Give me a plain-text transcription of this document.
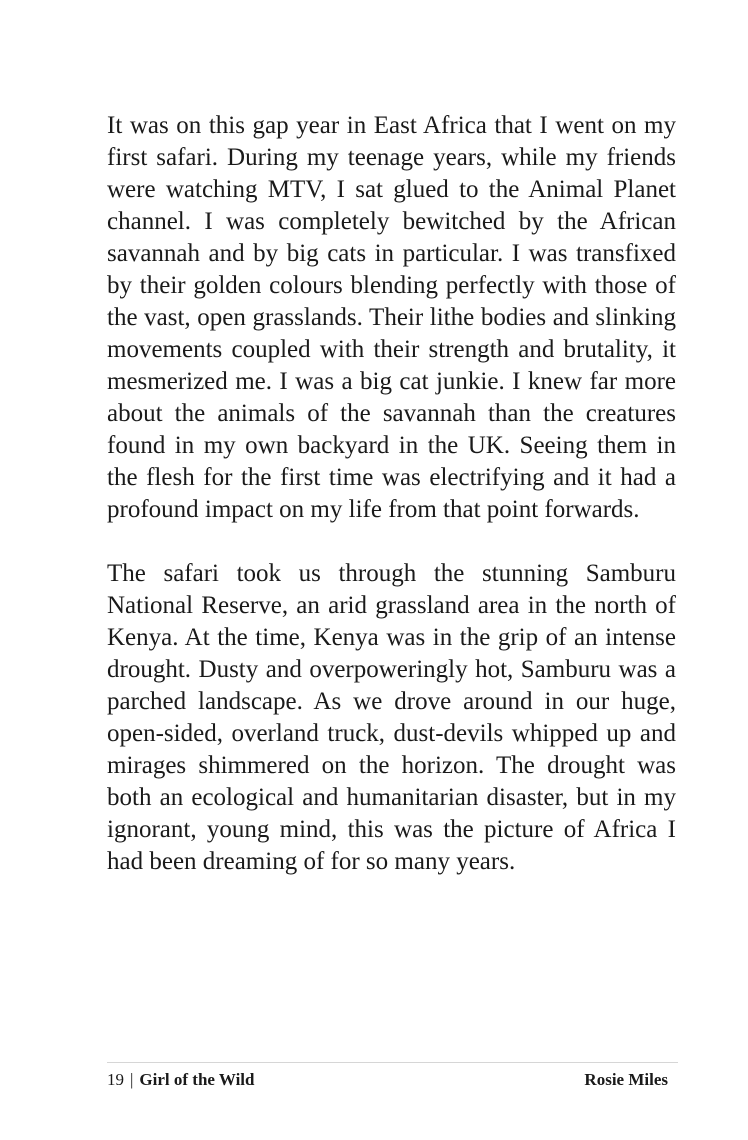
It was on this gap year in East Africa that I went on my first safari. During my teenage years, while my friends were watching MTV, I sat glued to the Animal Planet channel. I was completely bewitched by the African savannah and by big cats in particular. I was transfixed by their golden colours blending perfectly with those of the vast, open grasslands. Their lithe bodies and slinking movements coupled with their strength and brutality, it mesmerized me. I was a big cat junkie. I knew far more about the animals of the savannah than the creatures found in my own backyard in the UK. Seeing them in the flesh for the first time was electrifying and it had a profound impact on my life from that point forwards.

The safari took us through the stunning Samburu National Reserve, an arid grassland area in the north of Kenya. At the time, Kenya was in the grip of an intense drought. Dusty and overpoweringly hot, Samburu was a parched landscape. As we drove around in our huge, open-sided, overland truck, dust-devils whipped up and mirages shimmered on the horizon. The drought was both an ecological and humanitarian disaster, but in my ignorant, young mind, this was the picture of Africa I had been dreaming of for so many years.

19 | Girl of the Wild	Rosie Miles
